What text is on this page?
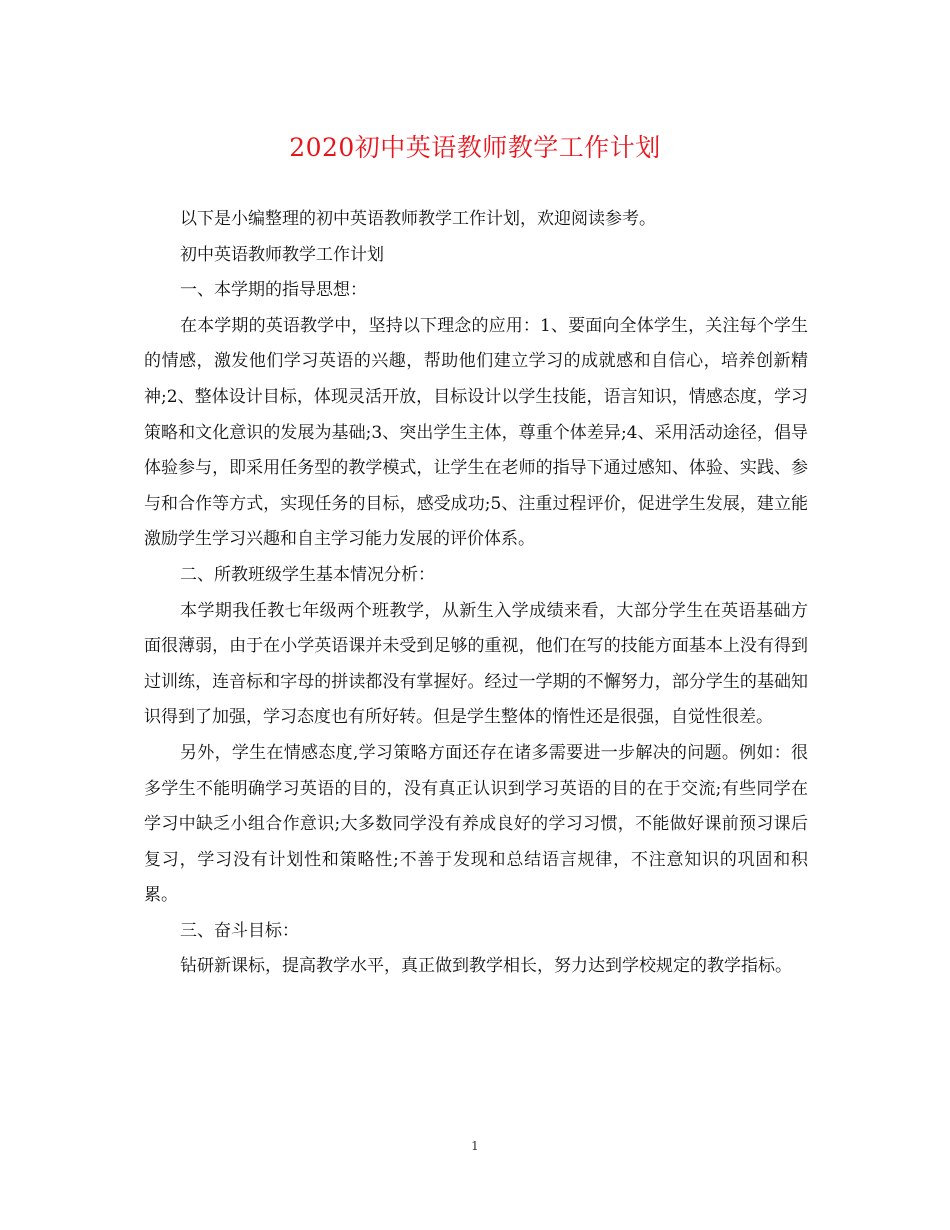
2020初中英语教师教学工作计划

以下是小编整理的初中英语教师教学工作计划，欢迎阅读参考。

初中英语教师教学工作计划

一、本学期的指导思想：

在本学期的英语教学中，坚持以下理念的应用：1、要面向全体学生，关注每个学生的情感，激发他们学习英语的兴趣，帮助他们建立学习的成就感和自信心，培养创新精神;2、整体设计目标，体现灵活开放，目标设计以学生技能，语言知识，情感态度，学习策略和文化意识的发展为基础;3、突出学生主体，尊重个体差异;4、采用活动途径，倡导体验参与，即采用任务型的教学模式，让学生在老师的指导下通过感知、体验、实践、参与和合作等方式，实现任务的目标，感受成功;5、注重过程评价，促进学生发展，建立能激励学生学习兴趣和自主学习能力发展的评价体系。

二、所教班级学生基本情况分析：

本学期我任教七年级两个班教学，从新生入学成绩来看，大部分学生在英语基础方面很薄弱，由于在小学英语课并未受到足够的重视，他们在写的技能方面基本上没有得到过训练，连音标和字母的拼读都没有掌握好。经过一学期的不懈努力，部分学生的基础知识得到了加强，学习态度也有所好转。但是学生整体的惰性还是很强，自觉性很差。

另外，学生在情感态度,学习策略方面还存在诸多需要进一步解决的问题。例如：很多学生不能明确学习英语的目的，没有真正认识到学习英语的目的在于交流;有些同学在学习中缺乏小组合作意识;大多数同学没有养成良好的学习习惯，不能做好课前预习课后复习，学习没有计划性和策略性;不善于发现和总结语言规律，不注意知识的巩固和积累。

三、奋斗目标：

钻研新课标，提高教学水平，真正做到教学相长，努力达到学校规定的教学指标。

1
